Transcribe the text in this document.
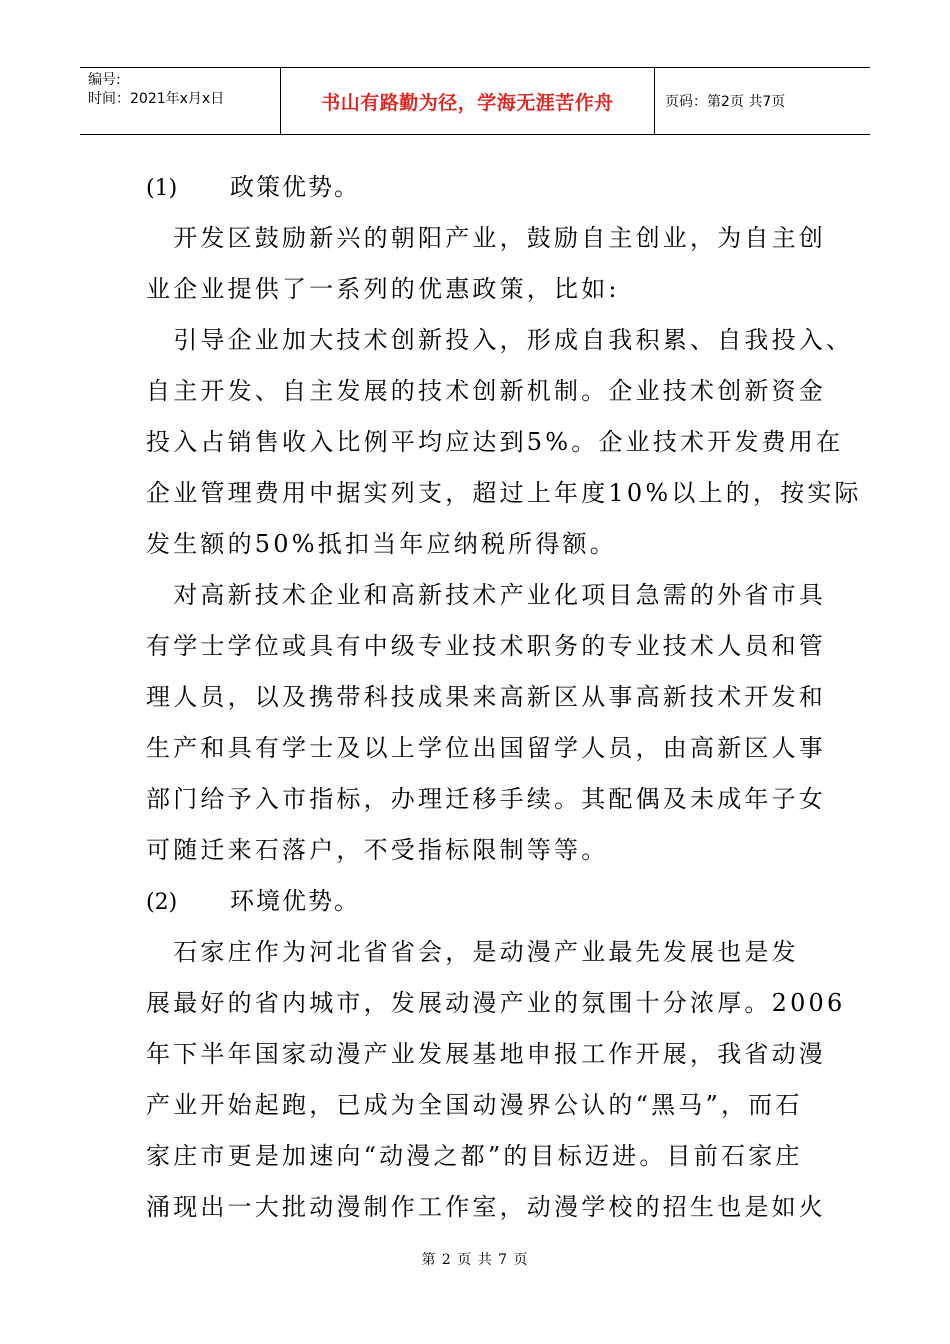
编号:
时间：2021年x月x日	书山有路勤为径，学海无涯苦作舟	页码：第2页 共7页
(1) 政策优势。
　开发区鼓励新兴的朝阳产业，鼓励自主创业，为自主创
业企业提供了一系列的优惠政策，比如:
　引导企业加大技术创新投入，形成自我积累、自我投入、
自主开发、自主发展的技术创新机制。企业技术创新资金
投入占销售收入比例平均应达到5%。企业技术开发费用在
企业管理费用中据实列支，超过上年度10%以上的，按实际
发生额的50%抵扣当年应纳税所得额。
　对高新技术企业和高新技术产业化项目急需的外省市具
有学士学位或具有中级专业技术职务的专业技术人员和管
理人员，以及携带科技成果来高新区从事高新技术开发和
生产和具有学士及以上学位出国留学人员，由高新区人事
部门给予入市指标，办理迁移手续。其配偶及未成年子女
可随迁来石落户，不受指标限制等等。
(2) 环境优势。
　石家庄作为河北省省会，是动漫产业最先发展也是发
展最好的省内城市，发展动漫产业的氛围十分浓厚。2006
年下半年国家动漫产业发展基地申报工作开展，我省动漫
产业开始起跑，已成为全国动漫界公认的“黑马”，而石
家庄市更是加速向“动漫之都”的目标迈进。目前石家庄
涌现出一大批动漫制作工作室，动漫学校的招生也是如火
第 2 页 共 7 页
